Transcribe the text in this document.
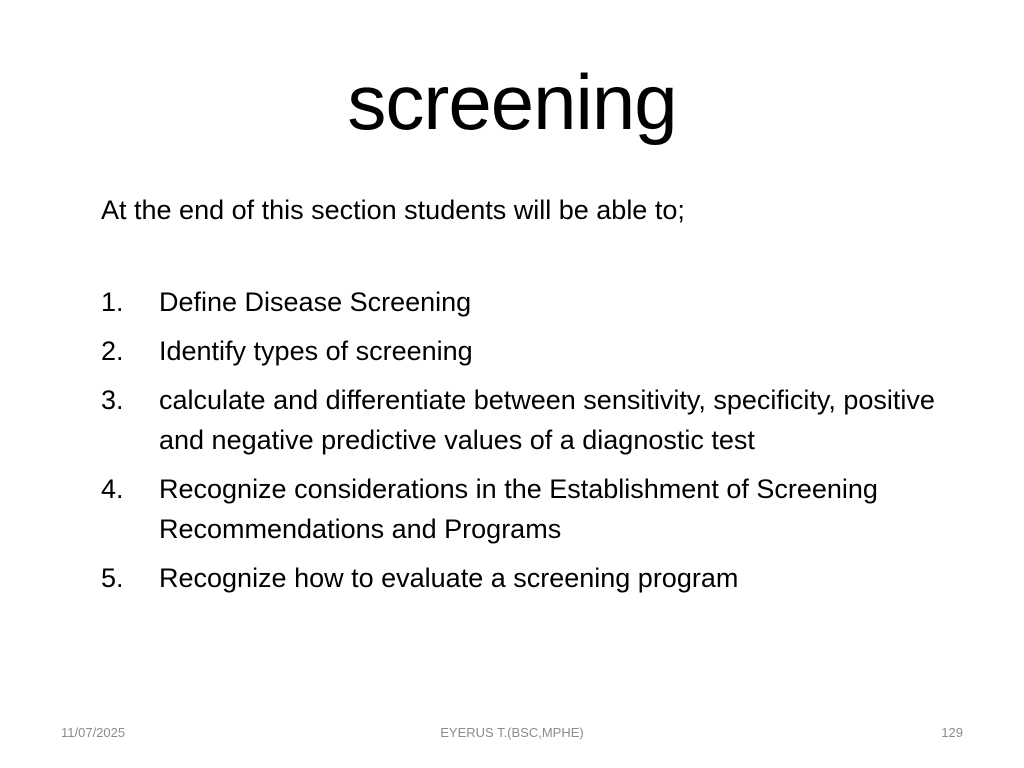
screening

At the end of this section students will be able to;

1.	Define Disease Screening
2.	Identify types of screening
3.	calculate and differentiate between sensitivity, specificity, positive and negative predictive values of a diagnostic test
4.	Recognize considerations in the Establishment of Screening Recommendations and Programs
5.	Recognize how to evaluate a screening program
EYERUS T.(BSC,MPHE)
11/07/2025	129
